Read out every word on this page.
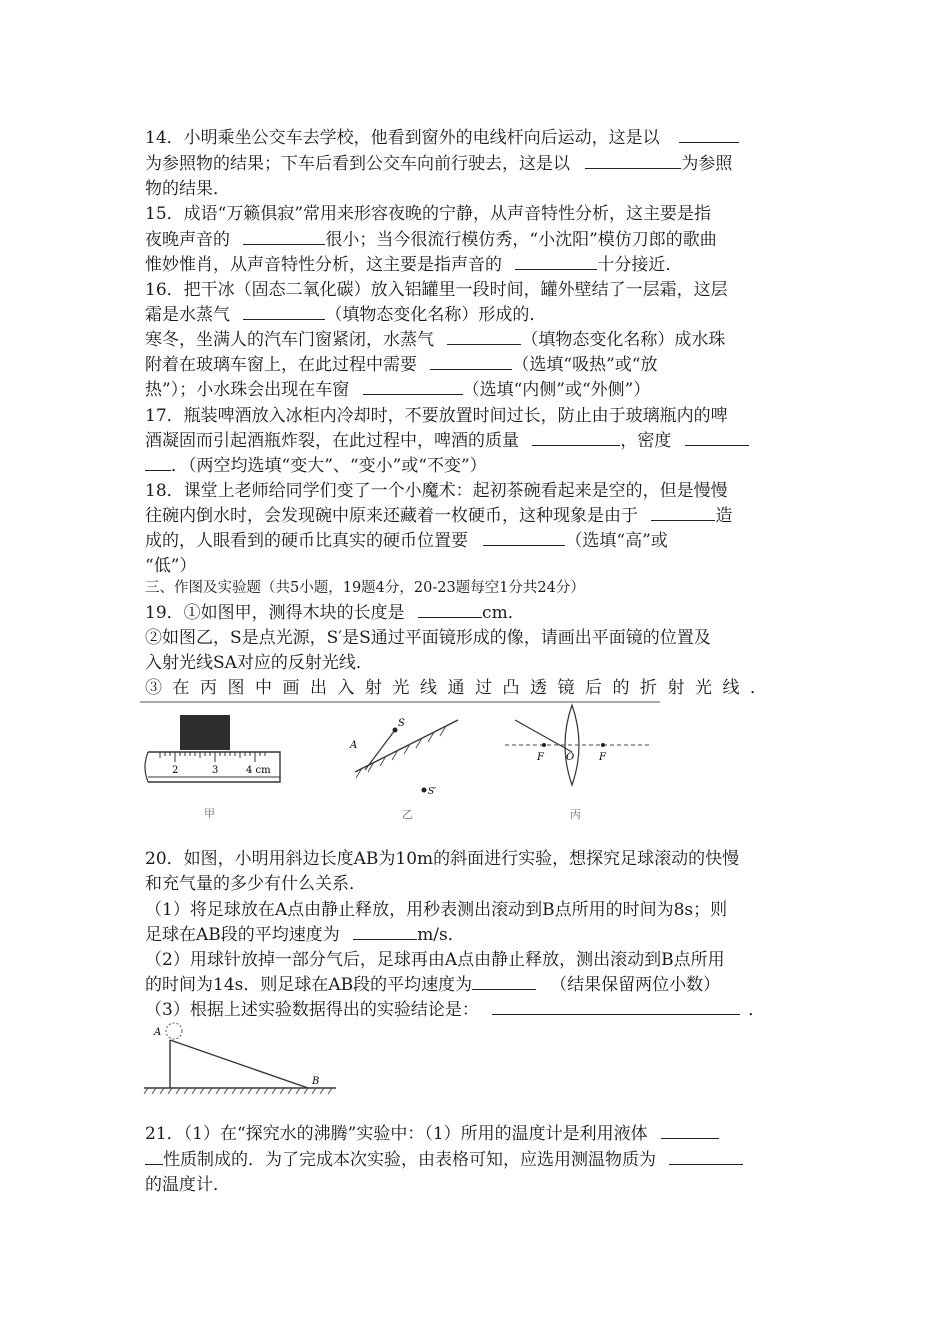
14．小明乘坐公交车去学校，他看到窗外的电线杆向后运动，这是以
为参照物的结果；下车后看到公交车向前行驶去，这是以	为参照
物的结果．
15．成语“万籁俱寂”常用来形容夜晚的宁静，从声音特性分析，这主要是指
夜晚声音的	很小；当今很流行模仿秀，“小沈阳”模仿刀郎的歌曲
惟妙惟肖，从声音特性分析，这主要是指声音的	十分接近．
16．把干冰（固态二氧化碳）放入铝罐里一段时间，罐外壁结了一层霜，这层
霜是水蒸气	（填物态变化名称）形成的．
寒冬，坐满人的汽车门窗紧闭，水蒸气	（填物态变化名称）成水珠
附着在玻璃车窗上，在此过程中需要	（选填“吸热”或“放
热”）；小水珠会出现在车窗	（选填“内侧”或“外侧”）
17．瓶装啤酒放入冰柜内冷却时，不要放置时间过长，防止由于玻璃瓶内的啤
酒凝固而引起酒瓶炸裂，在此过程中，啤酒的质量	，密度
．（两空均选填“变大”、“变小”或“不变”）
18．课堂上老师给同学们变了一个小魔术：起初茶碗看起来是空的，但是慢慢
往碗内倒水时，会发现碗中原来还藏着一枚硬币，这种现象是由于	造
成的，人眼看到的硬币比真实的硬币位置要	（选填“高”或
“低”）
三、作图及实验题（共5小题，19题4分，20-23题每空1分共24分）
19．①如图甲，测得木块的长度是	cm．
②如图乙，S是点光源，S′是S通过平面镜形成的像，请画出平面镜的位置及
入射光线SA对应的反射光线．
③在丙图中画出入射光线通过凸透镜后的折射光线．
2	3	4 cm
甲
S
A
S′
乙
F O F
丙
20．如图，小明用斜边长度AB为10m的斜面进行实验，想探究足球滚动的快慢
和充气量的多少有什么关系．
（1）将足球放在A点由静止释放，用秒表测出滚动到B点所用的时间为8s；则
足球在AB段的平均速度为	m/s．
（2）用球针放掉一部分气后，足球再由A点由静止释放，测出滚动到B点所用
的时间为14s．则足球在AB段的平均速度为	（结果保留两位小数）
（3）根据上述实验数据得出的实验结论是：	．
A
B
21．（1）在“探究水的沸腾”实验中：（1）所用的温度计是利用液体
性质制成的．为了完成本次实验，由表格可知，应选用测温物质为
的温度计．
